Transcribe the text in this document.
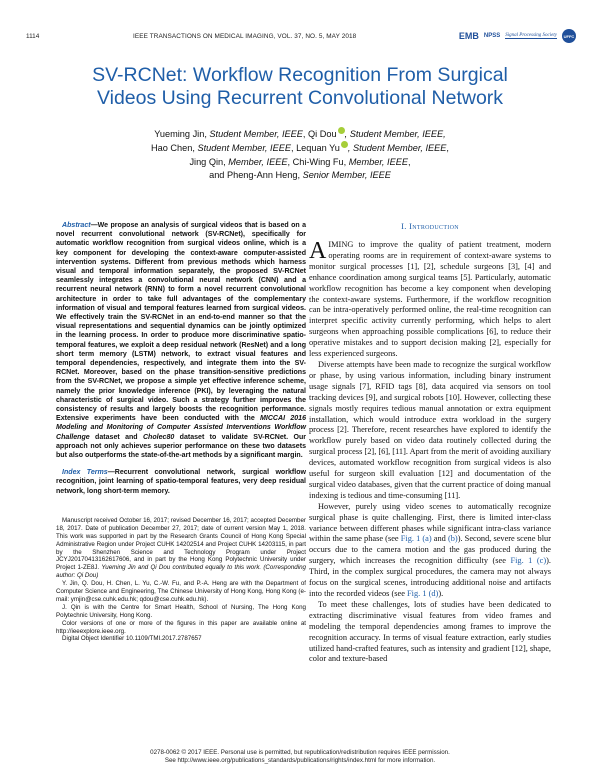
1114	IEEE TRANSACTIONS ON MEDICAL IMAGING, VOL. 37, NO. 5, MAY 2018	EMB NPSS Signal Processing Society	UFFC
SV-RCNet: Workflow Recognition From Surgical
Videos Using Recurrent Convolutional Network
Yueming Jin, Student Member, IEEE, Qi Dou , Student Member, IEEE,
Hao Chen, Student Member, IEEE, Lequan Yu , Student Member, IEEE,
Jing Qin, Member, IEEE, Chi-Wing Fu, Member, IEEE,
and Pheng-Ann Heng, Senior Member, IEEE

Abstract—We propose an analysis of surgical videos that is based on a novel recurrent convolutional network (SV-RCNet), specifically for automatic workflow recognition from surgical videos online, which is a key component for developing the context-aware computer-assisted intervention systems. Different from previous methods which harness visual and temporal information separately, the proposed SV-RCNet seamlessly integrates a convolutional neural network (CNN) and a recurrent neural network (RNN) to form a novel recurrent convolutional architecture in order to take full advantages of the complementary information of visual and temporal features learned from surgical videos. We effectively train the SV-RCNet in an end-to-end manner so that the visual representations and sequential dynamics can be jointly optimized in the learning process. In order to produce more discriminative spatio-temporal features, we exploit a deep residual network (ResNet) and a long short term memory (LSTM) network, to extract visual features and temporal dependencies, respectively, and integrate them into the SV-RCNet. Moreover, based on the phase transition-sensitive predictions from the SV-RCNet, we propose a simple yet effective inference scheme, namely the prior knowledge inference (PKI), by leveraging the natural characteristic of surgical video. Such a strategy further improves the consistency of results and largely boosts the recognition performance. Extensive experiments have been conducted with the MICCAI 2016 Modeling and Monitoring of Computer Assisted Interventions Workflow Challenge dataset and Cholec80 dataset to validate SV-RCNet. Our approach not only achieves superior performance on these two datasets but also outperforms the state-of-the-art methods by a significant margin.

Index Terms—Recurrent convolutional network, surgical workflow recognition, joint learning of spatio-temporal features, very deep residual network, long short-term memory.

Manuscript received October 16, 2017; revised December 16, 2017; accepted December 18, 2017. Date of publication December 27, 2017; date of current version May 1, 2018. This work was supported in part by the Research Grants Council of Hong Kong Special Administrative Region under Project CUHK 14202514 and Project CUHK 14203115, in part by the Shenzhen Science and Technology Program under Project JCYJ20170413162617606, and in part by the Hong Kong Polytechnic University under Project 1-ZE8J. Yueming Jin and Qi Dou contributed equally to this work. (Corresponding author: Qi Dou)

Y. Jin, Q. Dou, H. Chen, L. Yu, C.-W. Fu, and P.-A. Heng are with the Department of Computer Science and Engineering, The Chinese University of Hong Kong, Hong Kong (e-mail: ymjin@cse.cuhk.edu.hk; qdou@cse.cuhk.edu.hk).

J. Qin is with the Centre for Smart Health, School of Nursing, The Hong Kong Polytechnic University, Hong Kong.

Color versions of one or more of the figures in this paper are available online at http://ieeexplore.ieee.org.

Digital Object Identifier 10.1109/TMI.2017.2787657

I. Introduction

AIMING to improve the quality of patient treatment, modern operating rooms are in requirement of context-aware systems to monitor surgical processes [1], [2], schedule surgeons [3], [4] and enhance coordination among surgical teams [5]. Particularly, automatic workflow recognition has become a key component when developing the context-aware systems. Furthermore, if the workflow recognition can be intra-operatively performed online, the real-time recognition can interpret specific activity currently performing, which helps to alert surgeons when approaching possible complications [6], to reduce their operative mistakes and to support decision making [2], especially for less experienced surgeons.

Diverse attempts have been made to recognize the surgical workflow or phase, by using various information, including binary instrument usage signals [7], RFID tags [8], data acquired via sensors on tool tracking devices [9], and surgical robots [10]. However, collecting these signals mostly requires tedious manual annotation or extra equipment installation, which would introduce extra workload in the surgery process [2]. Therefore, recent researches have explored to identify the workflow purely based on video data routinely collected during the surgical process [2], [6], [11]. Apart from the merit of avoiding auxiliary devices, automated workflow recognition from surgical videos is also useful for surgeon skill evaluation [12] and documentation of the surgical video databases, given that the current practice of doing manual indexing is tedious and time-consuming [11].

However, purely using video scenes to automatically recognize surgical phase is quite challenging. First, there is limited inter-class variance between different phases while significant intra-class variance within the same phase (see Fig. 1 (a) and (b)). Second, severe scene blur occurs due to the camera motion and the gas produced during the surgery, which increases the recognition difficulty (see Fig. 1 (c)). Third, in the complex surgical procedures, the camera may not always focus on the surgical scenes, introducing additional noise and artifacts into the recorded videos (see Fig. 1 (d)).

To meet these challenges, lots of studies have been dedicated to extracting discriminative visual features from video frames and modeling the temporal dependencies among frames to improve the recognition accuracy. In terms of visual feature extraction, early studies utilized hand-crafted features, such as intensity and gradient [12], shape, color and texture-based

0278-0062 © 2017 IEEE. Personal use is permitted, but republication/redistribution requires IEEE permission.
See http://www.ieee.org/publications_standards/publications/rights/index.html for more information.
